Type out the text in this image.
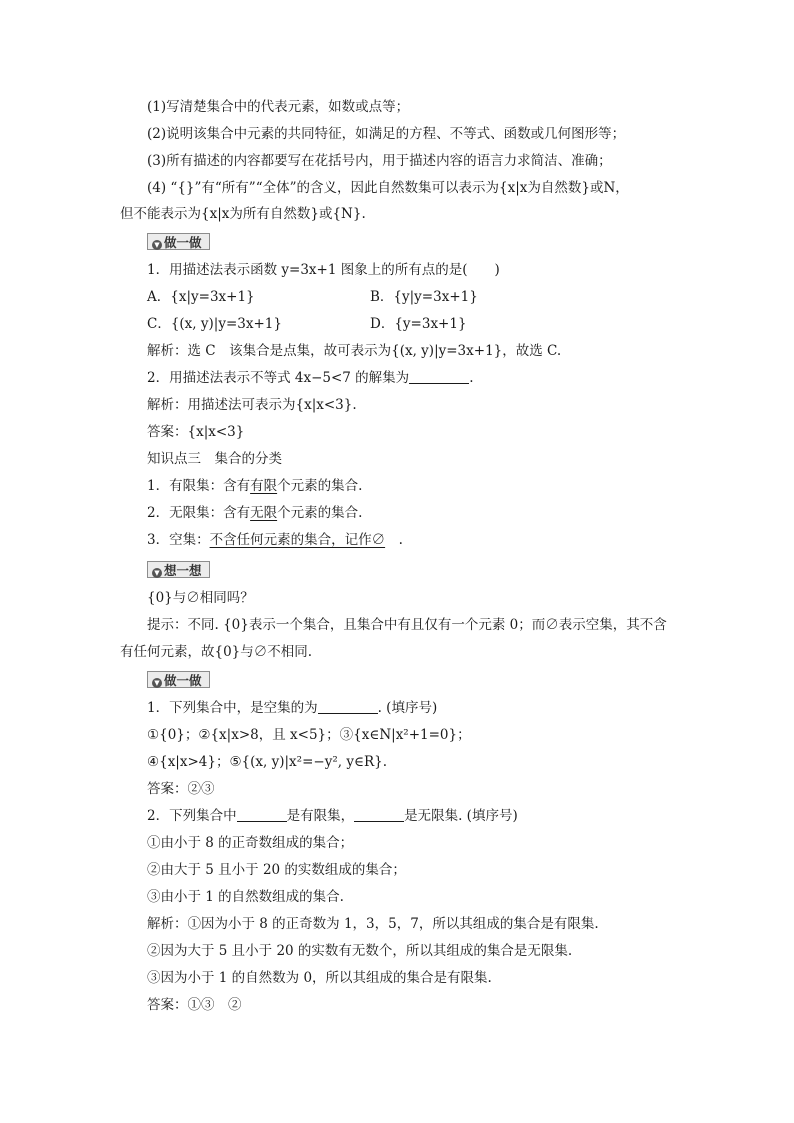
(1)写清楚集合中的代表元素，如数或点等；
(2)说明该集合中元素的共同特征，如满足的方程、不等式、函数或几何图形等；
(3)所有描述的内容都要写在花括号内，用于描述内容的语言力求简洁、准确；
(4) “{}”有“所有”“全体”的含义，因此自然数集可以表示为{x|x为自然数}或N，
但不能表示为{x|x为所有自然数}或{N}.
▼ 做一做
1．用描述法表示函数 y=3x+1 图象上的所有点的是(　　)
A．{x|y=3x+1}	B．{y|y=3x+1}
C．{(x, y)|y=3x+1}	D．{y=3x+1}
解析：选 C　该集合是点集，故可表示为{(x, y)|y=3x+1}，故选 C.
2．用描述法表示不等式 4x−5<7 的解集为	.
解析：用描述法可表示为{x|x<3}.
答案：{x|x<3}
知识点三　集合的分类
1．有限集：含有有限个元素的集合.
2．无限集：含有无限个元素的集合.
3．空集：不含任何元素的集合，记作∅　.
▼ 想一想
{0}与∅相同吗？
提示：不同. {0}表示一个集合，且集合中有且仅有一个元素 0；而∅表示空集，其不含
有任何元素，故{0}与∅不相同.
▼ 做一做
1．下列集合中，是空集的为	. (填序号)
①{0}；②{x|x>8，且 x<5}；③{x∈N|x²+1=0}；
④{x|x>4}；⑤{(x, y)|x²=−y², y∈R}.
答案：②③
2．下列集合中	是有限集，	是无限集. (填序号)
①由小于 8 的正奇数组成的集合；
②由大于 5 且小于 20 的实数组成的集合；
③由小于 1 的自然数组成的集合.
解析：①因为小于 8 的正奇数为 1，3，5，7，所以其组成的集合是有限集.
②因为大于 5 且小于 20 的实数有无数个，所以其组成的集合是无限集.
③因为小于 1 的自然数为 0，所以其组成的集合是有限集.
答案：①③　②
